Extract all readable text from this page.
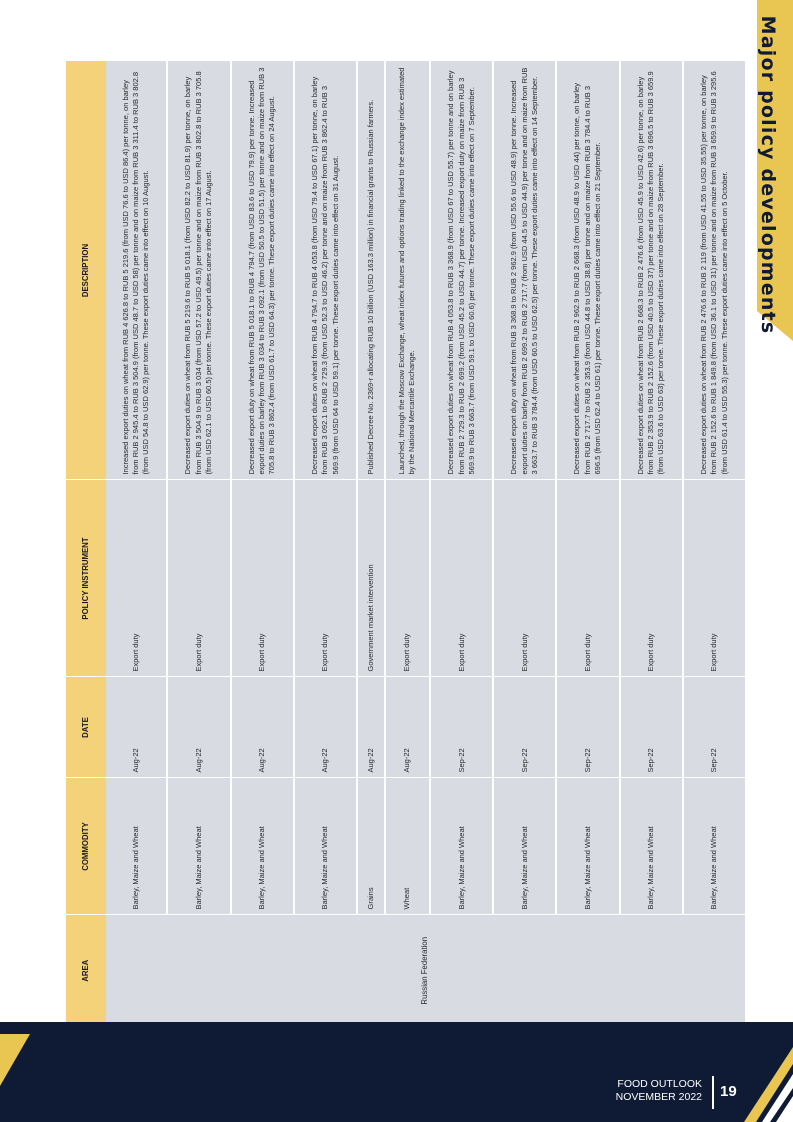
Major policy developments
AREA	COMMODITY	DATE	POLICY INSTRUMENT	DESCRIPTION
Russian Federation	Barley, Maize and Wheat	Aug-22	Export duty	Increased export duties on wheat from RUB 4 626.8 to RUB 5 219.6 (from USD 76.6 to USD 86.4) per tonne, on barley from RUB 2 945.4 to RUB 3 504.9 (from USD 48.7 to USD 58) per tonne and on maize from RUB 3 311.4 to RUB 3 802.8 (from USD 54.8 to USD 62.9) per tonne. These export duties came into effect on 10 August.
	Barley, Maize and Wheat	Aug-22	Export duty	Decreased export duties on wheat from RUB 5 219.6 to RUB 5 018.1 (from USD 82.2 to USD 81.9) per tonne, on barley from RUB 3 504.9 to RUB 3 034 (from USD 57.2 to USD 49.5) per tonne and on maize from RUB 3 802.8 to RUB 3 705.8 (from USD 62.1 to USD 60.5) per tonne. These export duties came into effect on 17 August.
	Barley, Maize and Wheat	Aug-22	Export duty	Decreased export duty on wheat from RUB 5 018.1 to RUB 4 794.7 (from USD 83.6 to USD 79.9) per tonne. Increased export duties on barley from RUB 3 034 to RUB 3 092.1 (from USD 50.5 to USD 51.5) per tonne and on maize from RUB 3 705.8 to RUB 3 862.4 (from USD 61.7 to USD 64.3) per tonne. These export duties came into effect on 24 August.
	Barley, Maize and Wheat	Aug-22	Export duty	Decreased export duties on wheat from RUB 4 794.7 to RUB 4 053.8 (from USD 79.4 to USD 67.1) per tonne, on barley from RUB 3 092.1 to RUB 2 729.3 (from USD 52.3 to USD 46.2) per tonne and on maize from RUB 3 862.4 to RUB 3 569.9 (from USD 64 to USD 59.1) per tonne. These export duties came into effect on 31 August.
	Grains	Aug-22	Government market intervention	Published Decree No. 2369-r allocating RUB 10 billion (USD 163.3 million) in financial grants to Russian farmers.
	Wheat	Aug-22	Export duty	Launched, through the Moscow Exchange, wheat index futures and options trading linked to the exchange index estimated by the National Mercantile Exchange.
	Barley, Maize and Wheat	Sep-22	Export duty	Decreased export duties on wheat from RUB 4 053.8 to RUB 3 368.9 (from USD 67 to USD 55.7) per tonne and on barley from RUB 2 729.3 to RUB 2 699.2 (from USD 45.2 to USD 44.7) per tonne. Increased export duty on maize from RUB 3 569.9 to RUB 3 663.7 (from USD 59.1 to USD 60.6) per tonne. These export duties came into effect on 7 September.
	Barley, Maize and Wheat	Sep-22	Export duty	Decreased export duty on wheat from RUB 3 368.9 to RUB 2 962.9 (from USD 55.6 to USD 48.9) per tonne. Increased export duties on barley from RUB 2 699.2 to RUB 2 717.7 (from USD 44.5 to USD 44.9) per tonne and on maize from RUB 3 663.7 to RUB 3 784.4 (from USD 60.5 to USD 62.5) per tonne. These export duties came into effect on 14 September.
	Barley, Maize and Wheat	Sep-22	Export duty	Decreased export duties on wheat from RUB 2 962.9 to RUB 2 668.3 (from USD 48.9 to USD 44) per tonne, on barley from RUB 2 717.7 to RUB 2 353.9 (from USD 44.8 to USD 38.8) per tonne and on maize from RUB 3 784.4 to RUB 3 696.5 (from USD 62.4 to USD 61) per tonne. These export duties came into effect on 21 September.
	Barley, Maize and Wheat	Sep-22	Export duty	Decreased export duties on wheat from RUB 2 668.3 to RUB 2 476.6 (from USD 45.9 to USD 42.6) per tonne, on barley from RUB 2 353.9 to RUB 2 152.6 (from USD 40.5 to USD 37) per tonne and on maize from RUB 3 696.5 to RUB 3 659.9 (from USD 63.6 to USD 63) per tonne. These export duties came into effect on 28 September.
	Barley, Maize and Wheat	Sep-22	Export duty	Decreased export duties on wheat from RUB 2 476.6 to RUB 2 119 (from USD 41.55 to USD 35.55) per tonne, on barley from RUB 2 152.6 to RUB 1 849.8 (from USD 36.1 to USD 31) per tonne and on maize from RUB 3 659.9 to RUB 3 295.6 (from USD 61.4 to USD 55.3) per tonne. These export duties came into effect on 5 October.
FOOD OUTLOOK
NOVEMBER 2022 19
